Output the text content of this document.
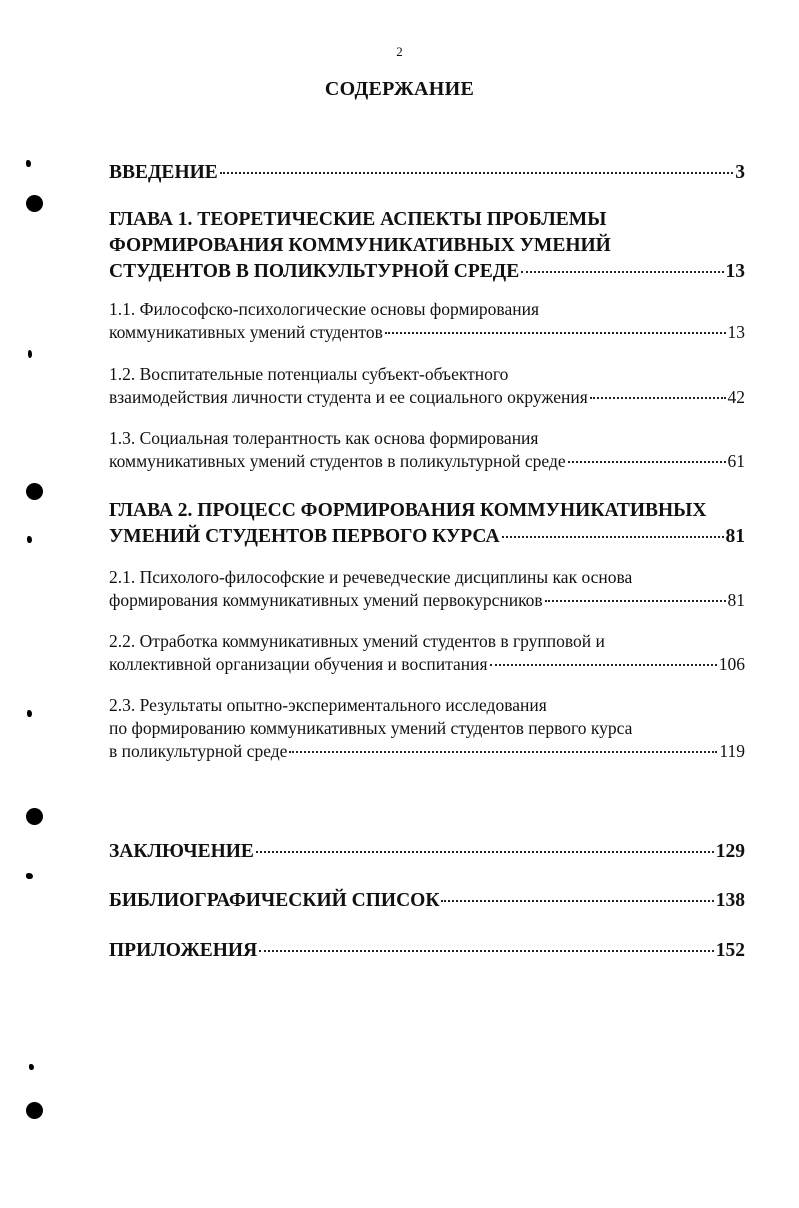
2
СОДЕРЖАНИЕ
ВВЕДЕНИЕ	3
ГЛАВА 1. ТЕОРЕТИЧЕСКИЕ АСПЕКТЫ ПРОБЛЕМЫ
ФОРМИРОВАНИЯ КОММУНИКАТИВНЫХ УМЕНИЙ
СТУДЕНТОВ В ПОЛИКУЛЬТУРНОЙ СРЕДЕ	13
1.1. Философско-психологические основы формирования
коммуникативных умений студентов	13
1.2. Воспитательные потенциалы субъект-объектного
взаимодействия личности студента и ее социального окружения	42
1.3. Социальная толерантность как основа формирования
коммуникативных умений студентов в поликультурной среде	61
ГЛАВА 2. ПРОЦЕСС ФОРМИРОВАНИЯ КОММУНИКАТИВНЫХ
УМЕНИЙ СТУДЕНТОВ ПЕРВОГО КУРСА	81
2.1. Психолого-философские и речеведческие дисциплины как основа
формирования коммуникативных умений первокурсников	81
2.2. Отработка коммуникативных умений студентов в групповой и
коллективной организации обучения и воспитания	106
2.3. Результаты опытно-экспериментального исследования
по формированию коммуникативных умений студентов первого курса
в поликультурной среде	119
ЗАКЛЮЧЕНИЕ	129
БИБЛИОГРАФИЧЕСКИЙ СПИСОК	138
ПРИЛОЖЕНИЯ	152
